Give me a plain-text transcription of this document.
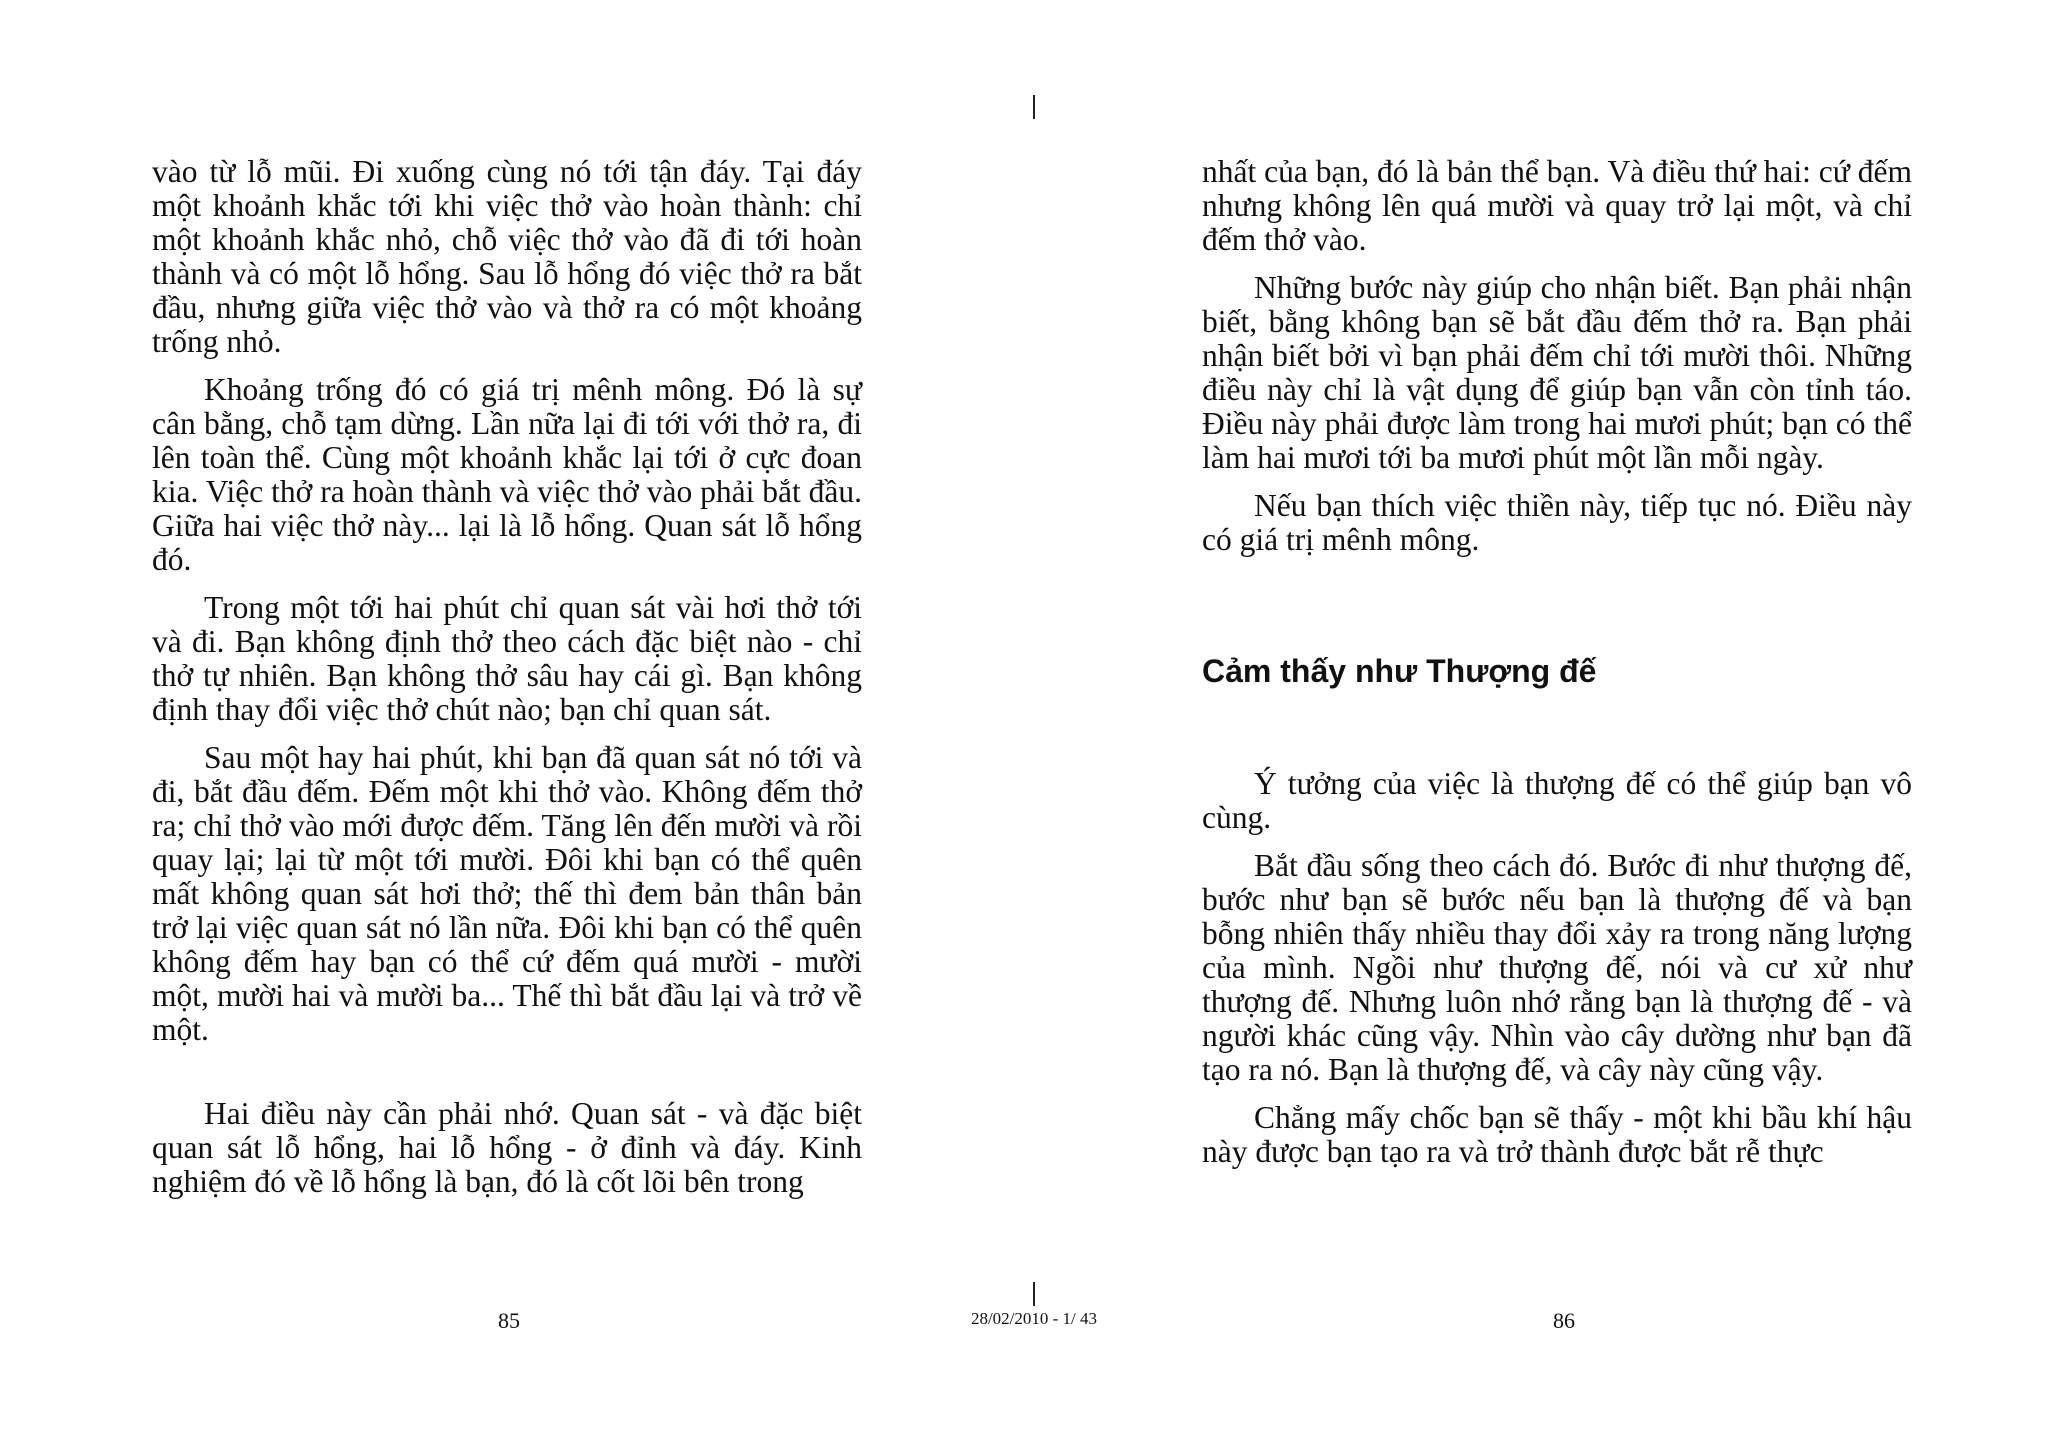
vào từ lỗ mũi. Đi xuống cùng nó tới tận đáy. Tại đáy một khoảnh khắc tới khi việc thở vào hoàn thành: chỉ một khoảnh khắc nhỏ, chỗ việc thở vào đã đi tới hoàn thành và có một lỗ hổng. Sau lỗ hổng đó việc thở ra bắt đầu, nhưng giữa việc thở vào và thở ra có một khoảng trống nhỏ.

Khoảng trống đó có giá trị mênh mông. Đó là sự cân bằng, chỗ tạm dừng. Lần nữa lại đi tới với thở ra, đi lên toàn thể. Cùng một khoảnh khắc lại tới ở cực đoan kia. Việc thở ra hoàn thành và việc thở vào phải bắt đầu. Giữa hai việc thở này... lại là lỗ hổng. Quan sát lỗ hổng đó.

Trong một tới hai phút chỉ quan sát vài hơi thở tới và đi. Bạn không định thở theo cách đặc biệt nào - chỉ thở tự nhiên. Bạn không thở sâu hay cái gì. Bạn không định thay đổi việc thở chút nào; bạn chỉ quan sát.

Sau một hay hai phút, khi bạn đã quan sát nó tới và đi, bắt đầu đếm. Đếm một khi thở vào. Không đếm thở ra; chỉ thở vào mới được đếm. Tăng lên đến mười và rồi quay lại; lại từ một tới mười. Đôi khi bạn có thể quên mất không quan sát hơi thở; thế thì đem bản thân bản trở lại việc quan sát nó lần nữa. Đôi khi bạn có thể quên không đếm hay bạn có thể cứ đếm quá mười - mười một, mười hai và mười ba... Thế thì bắt đầu lại và trở về một.

Hai điều này cần phải nhớ. Quan sát - và đặc biệt quan sát lỗ hổng, hai lỗ hổng - ở đỉnh và đáy. Kinh nghiệm đó về lỗ hổng là bạn, đó là cốt lõi bên trong

nhất của bạn, đó là bản thể bạn. Và điều thứ hai: cứ đếm nhưng không lên quá mười và quay trở lại một, và chỉ đếm thở vào.

Những bước này giúp cho nhận biết. Bạn phải nhận biết, bằng không bạn sẽ bắt đầu đếm thở ra. Bạn phải nhận biết bởi vì bạn phải đếm chỉ tới mười thôi. Những điều này chỉ là vật dụng để giúp bạn vẫn còn tỉnh táo. Điều này phải được làm trong hai mươi phút; bạn có thể làm hai mươi tới ba mươi phút một lần mỗi ngày.

Nếu bạn thích việc thiền này, tiếp tục nó. Điều này có giá trị mênh mông.

Cảm thấy như Thượng đế

Ý tưởng của việc là thượng đế có thể giúp bạn vô cùng.

Bắt đầu sống theo cách đó. Bước đi như thượng đế, bước như bạn sẽ bước nếu bạn là thượng đế và bạn bỗng nhiên thấy nhiều thay đổi xảy ra trong năng lượng của mình. Ngồi như thượng đế, nói và cư xử như thượng đế. Nhưng luôn nhớ rằng bạn là thượng đế - và người khác cũng vậy. Nhìn vào cây dường như bạn đã tạo ra nó. Bạn là thượng đế, và cây này cũng vậy.

Chẳng mấy chốc bạn sẽ thấy - một khi bầu khí hậu này được bạn tạo ra và trở thành được bắt rễ thực

85	28/02/2010 - 1/ 43	86
